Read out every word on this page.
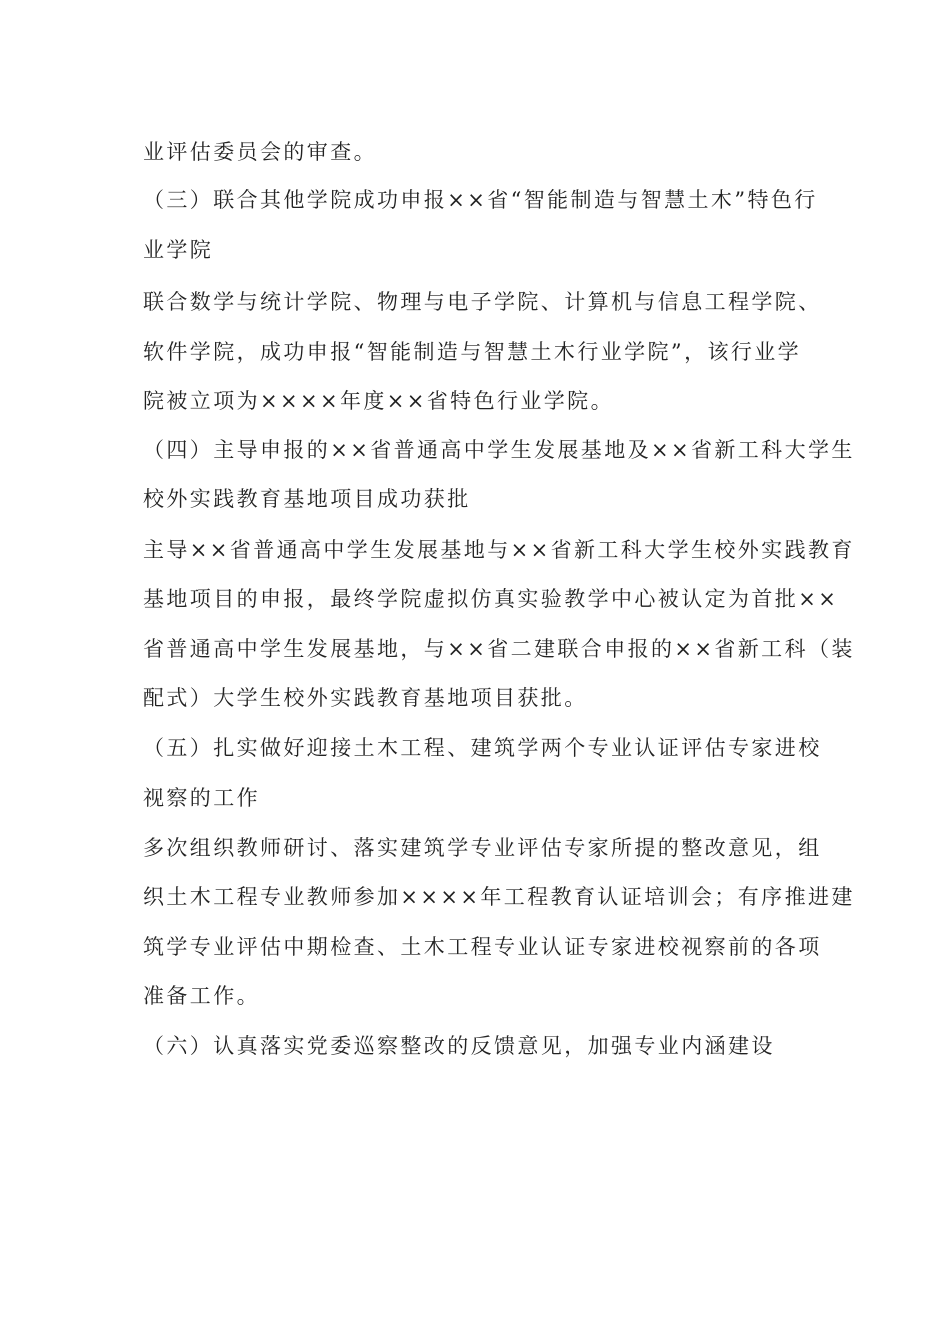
业评估委员会的审查。
（三）联合其他学院成功申报××省“智能制造与智慧土木”特色行
业学院
联合数学与统计学院、物理与电子学院、计算机与信息工程学院、
软件学院，成功申报“智能制造与智慧土木行业学院”，该行业学
院被立项为××××年度××省特色行业学院。
（四）主导申报的××省普通高中学生发展基地及××省新工科大学生
校外实践教育基地项目成功获批
主导××省普通高中学生发展基地与××省新工科大学生校外实践教育
基地项目的申报，最终学院虚拟仿真实验教学中心被认定为首批××
省普通高中学生发展基地，与××省二建联合申报的××省新工科（装
配式）大学生校外实践教育基地项目获批。
（五）扎实做好迎接土木工程、建筑学两个专业认证评估专家进校
视察的工作
多次组织教师研讨、落实建筑学专业评估专家所提的整改意见，组
织土木工程专业教师参加××××年工程教育认证培训会；有序推进建
筑学专业评估中期检查、土木工程专业认证专家进校视察前的各项
准备工作。
（六）认真落实党委巡察整改的反馈意见，加强专业内涵建设
